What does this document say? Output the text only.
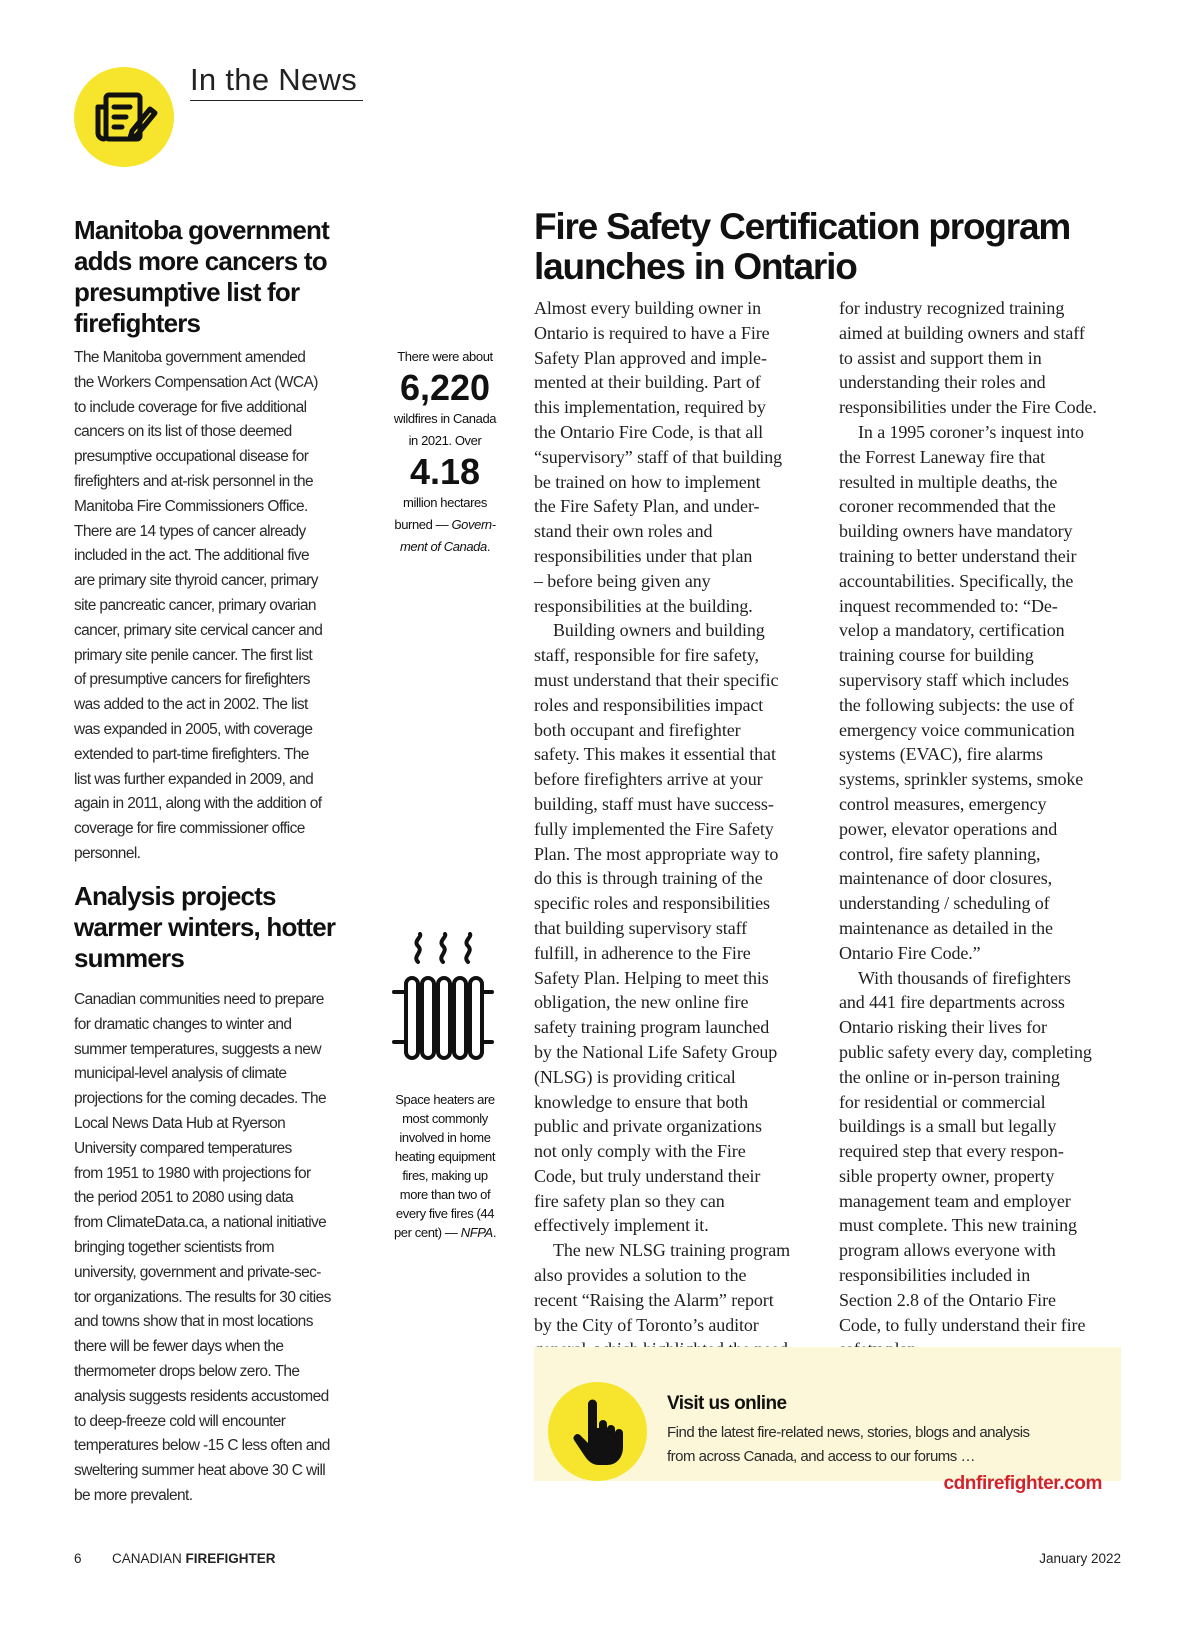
In the News
Manitoba government
adds more cancers to
presumptive list for
firefighters
The Manitoba government amended
the Workers Compensation Act (WCA)
to include coverage for five additional
cancers on its list of those deemed
presumptive occupational disease for
firefighters and at-risk personnel in the
Manitoba Fire Commissioners Office.
There are 14 types of cancer already
included in the act. The additional five
are primary site thyroid cancer, primary
site pancreatic cancer, primary ovarian
cancer, primary site cervical cancer and
primary site penile cancer. The first list
of presumptive cancers for firefighters
was added to the act in 2002. The list
was expanded in 2005, with coverage
extended to part-time firefighters. The
list was further expanded in 2009, and
again in 2011, along with the addition of
coverage for fire commissioner office
personnel.
Analysis projects
warmer winters, hotter
summers
Canadian communities need to prepare
for dramatic changes to winter and
summer temperatures, suggests a new
municipal-level analysis of climate
projections for the coming decades. The
Local News Data Hub at Ryerson
University compared temperatures
from 1951 to 1980 with projections for
the period 2051 to 2080 using data
from ClimateData.ca, a national initiative
bringing together scientists from
university, government and private-sec-
tor organizations. The results for 30 cities
and towns show that in most locations
there will be fewer days when the
thermometer drops below zero. The
analysis suggests residents accustomed
to deep-freeze cold will encounter
temperatures below -15 C less often and
sweltering summer heat above 30 C will
be more prevalent.
There were about
6,220
wildfires in Canada
in 2021. Over
4.18
million hectares
burned — Govern-
ment of Canada.
Space heaters are
most commonly
involved in home
heating equipment
fires, making up
more than two of
every five fires (44
per cent) — NFPA.
Fire Safety Certification program
launches in Ontario

Almost every building owner in

Ontario is required to have a Fire

Safety Plan approved and imple-

mented at their building. Part of

this implementation, required by

the Ontario Fire Code, is that all

“supervisory” staff of that building

be trained on how to implement

the Fire Safety Plan, and under-

stand their own roles and

responsibilities under that plan

– before being given any

responsibilities at the building.

Building owners and building

staff, responsible for fire safety,

must understand that their specific

roles and responsibilities impact

both occupant and firefighter

safety. This makes it essential that

before firefighters arrive at your

building, staff must have success-

fully implemented the Fire Safety

Plan. The most appropriate way to

do this is through training of the

specific roles and responsibilities

that building supervisory staff

fulfill, in adherence to the Fire

Safety Plan. Helping to meet this

obligation, the new online fire

safety training program launched

by the National Life Safety Group

(NLSG) is providing critical

knowledge to ensure that both

public and private organizations

not only comply with the Fire

Code, but truly understand their

fire safety plan so they can

effectively implement it.

The new NLSG training program

also provides a solution to the

recent “Raising the Alarm” report

by the City of Toronto’s auditor

for industry recognized training

aimed at building owners and staff

to assist and support them in

understanding their roles and

responsibilities under the Fire Code.

In a 1995 coroner’s inquest into

the Forrest Laneway fire that

resulted in multiple deaths, the

coroner recommended that the

building owners have mandatory

training to better understand their

accountabilities. Specifically, the

inquest recommended to: “De-

velop a mandatory, certification

training course for building

supervisory staff which includes

the following subjects: the use of

emergency voice communication

systems (EVAC), fire alarms

systems, sprinkler systems, smoke

control measures, emergency

power, elevator operations and

control, fire safety planning,

maintenance of door closures,

understanding / scheduling of

maintenance as detailed in the

Ontario Fire Code.”

With thousands of firefighters

and 441 fire departments across

Ontario risking their lives for

public safety every day, completing

the online or in-person training

for residential or commercial

buildings is a small but legally

required step that every respon-

sible property owner, property

management team and employer

must complete. This new training

program allows everyone with

responsibilities included in

Section 2.8 of the Ontario Fire

Code, to fully understand their fire

Visit us online
Find the latest fire-related news, stories, blogs and analysis
from across Canada, and access to our forums …
cdnfirefighter.com
6 CANADIAN FIREFIGHTER	January 2022
